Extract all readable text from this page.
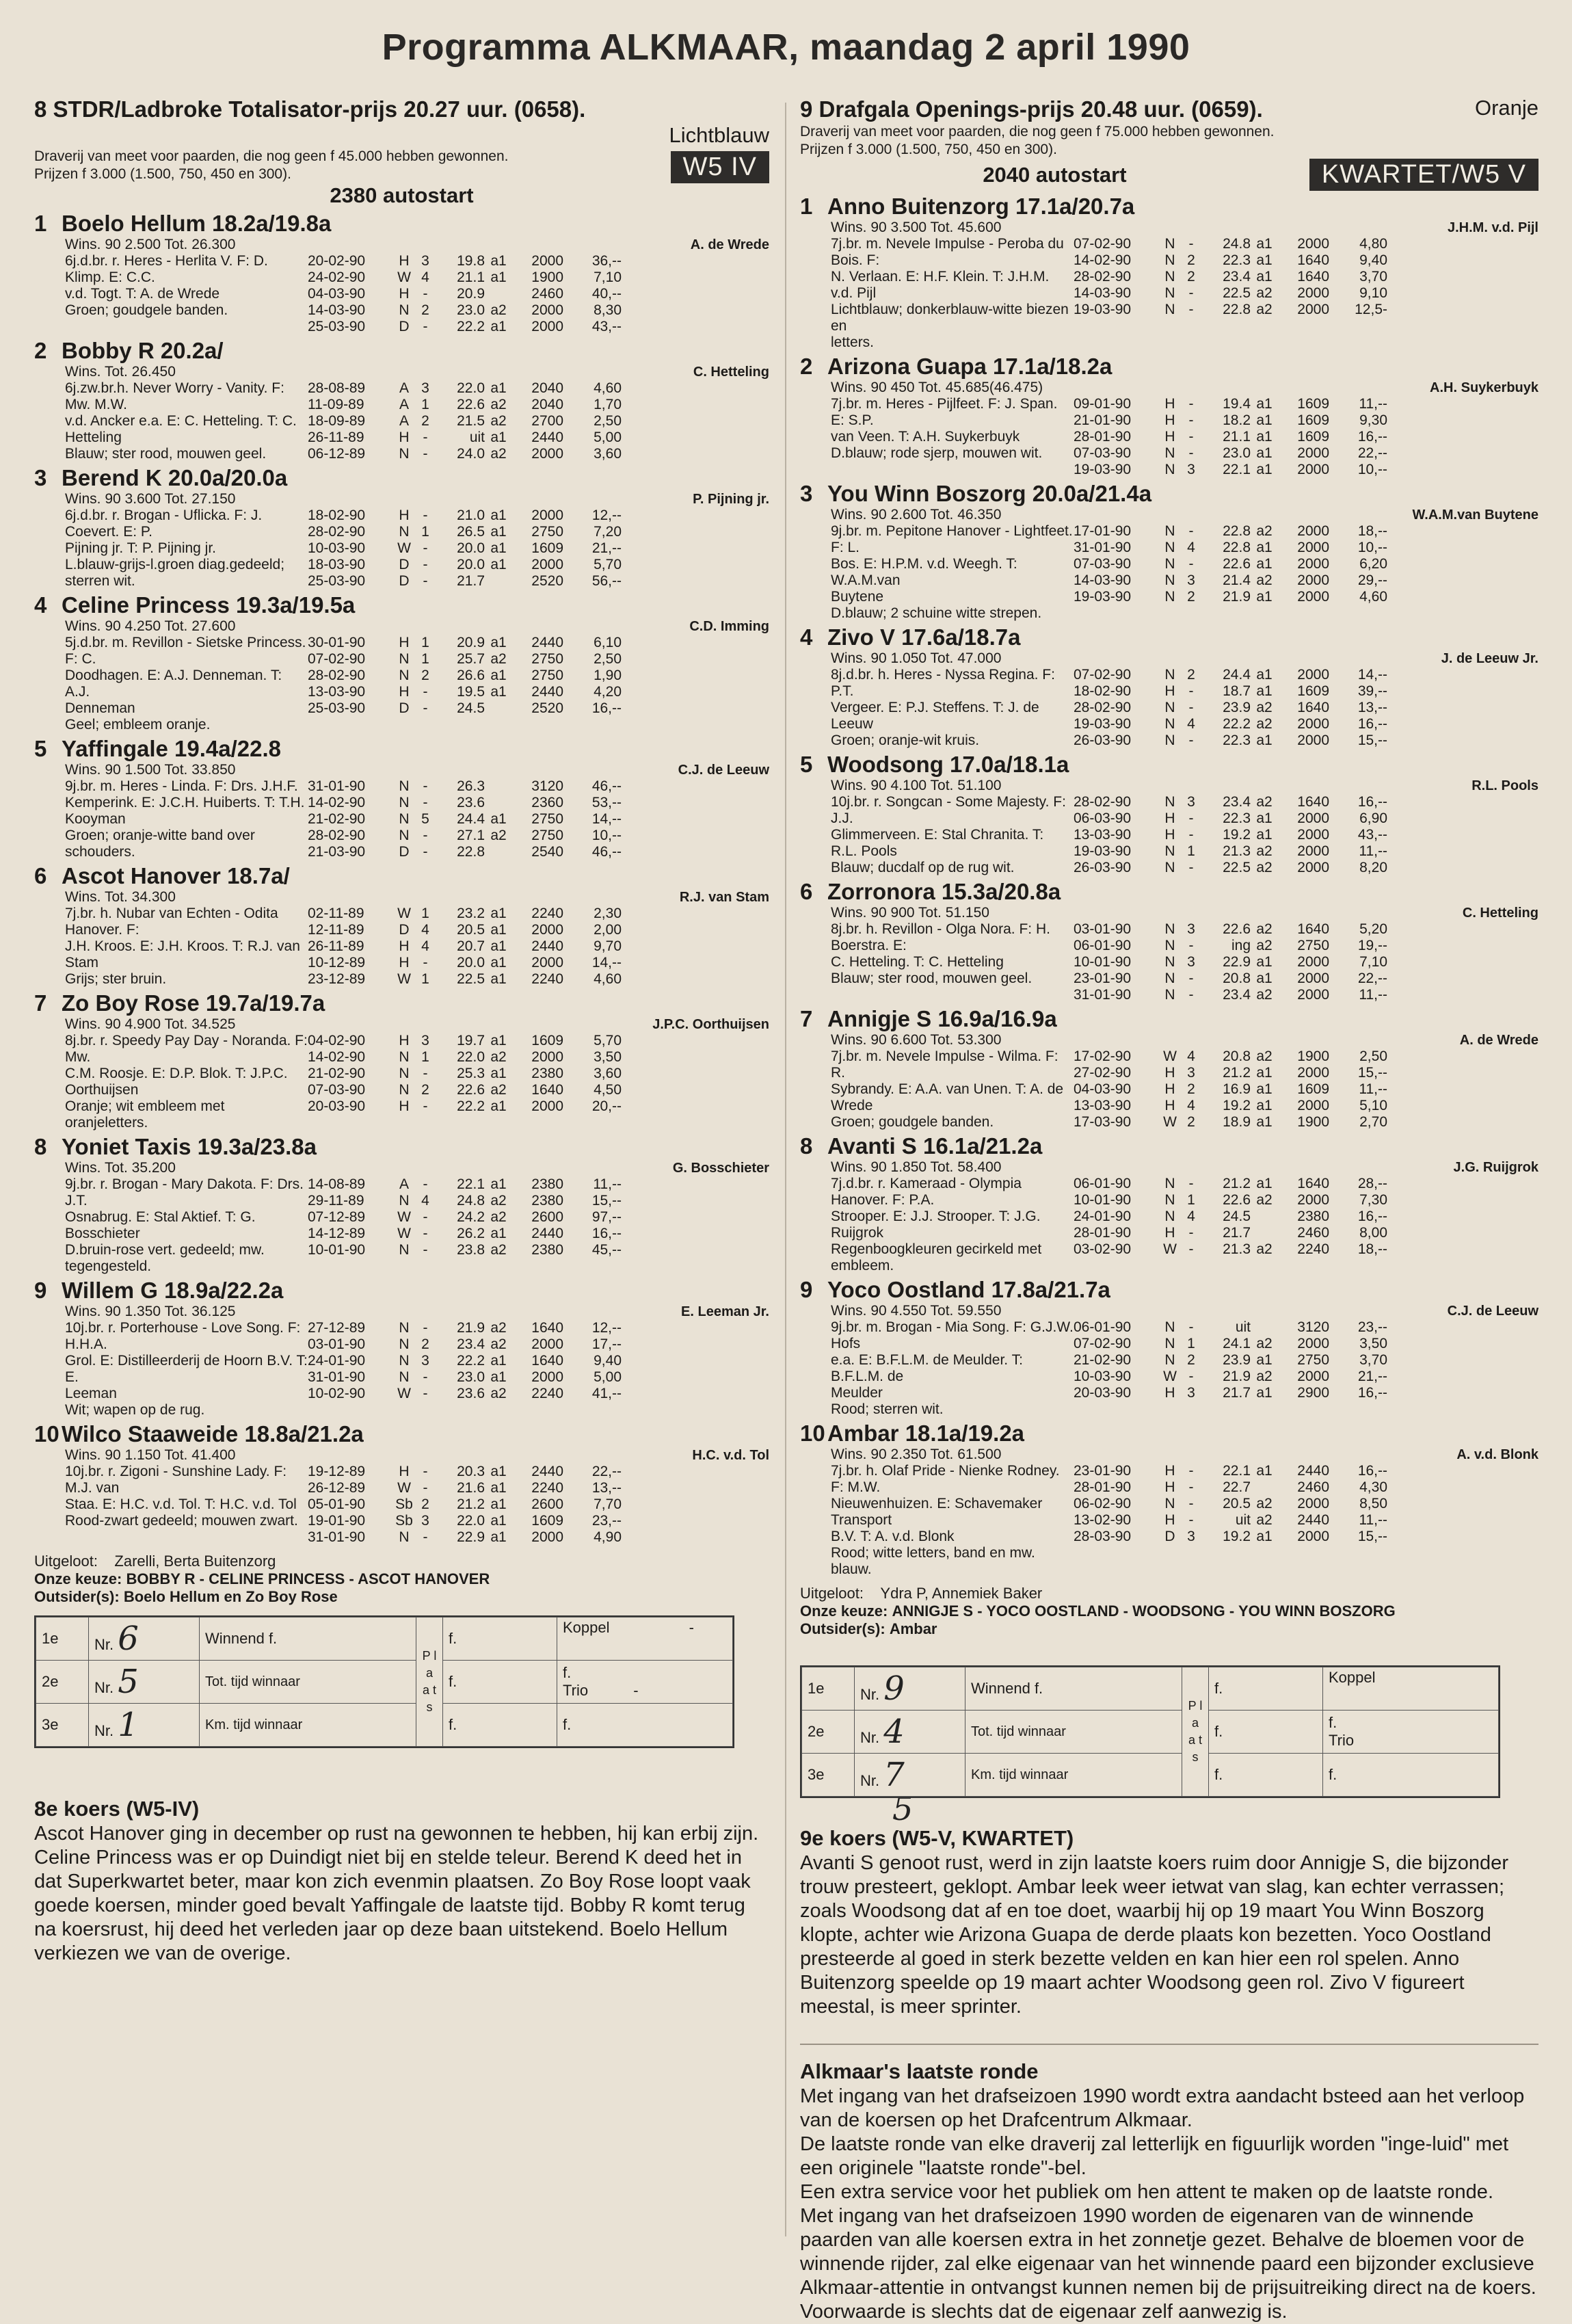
Programma ALKMAAR, maandag 2 april 1990
8 STDR/Ladbroke Totalisator-prijs 20.27 uur. (0658).
Lichtblauw
Draverij van meet voor paarden, die nog geen f 45.000 hebben gewonnen.
Prijzen f 3.000 (1.500, 750, 450 en 300).	W5 IV
2380 autostart
1 Boelo Hellum 18.2a/19.8a
Wins. 90 2.500 Tot. 26.300
6j.d.br. r. Heres - Herlita V. F: D. Klimp. E: C.C.
v.d. Togt. T: A. de Wrede
Groen; goudgele banden.
A. de Wrede
20-02-90	H 3	19.8 a1	2000	36,--
24-02-90	W 4	21.1 a1	1900	7,10
04-03-90	H -	20.9	2460	40,--
14-03-90	N 2	23.0 a2	2000	8,30
25-03-90	D -	22.2 a1	2000	43,--
2 Bobby R 20.2a/
Wins. Tot. 26.450
6j.zw.br.h. Never Worry - Vanity. F: Mw. M.W.
v.d. Ancker e.a. E: C. Hetteling. T: C. Hetteling
Blauw; ster rood, mouwen geel.
C. Hetteling
28-08-89	A 3	22.0 a1	2040	4,60
11-09-89	A 1	22.6 a2	2040	1,70
18-09-89	A 2	21.5 a2	2700	2,50
26-11-89	H -	uit a1	2440	5,00
06-12-89	N -	24.0 a2	2000	3,60
3 Berend K 20.0a/20.0a
Wins. 90 3.600 Tot. 27.150
6j.d.br. r. Brogan - Uflicka. F: J. Coevert. E: P.
Pijning jr. T: P. Pijning jr.
L.blauw-grijs-l.groen diag.gedeeld; sterren wit.
P. Pijning jr.
18-02-90	H -	21.0 a1	2000	12,--
28-02-90	N 1	26.5 a1	2750	7,20
10-03-90	W -	20.0 a1	1609	21,--
18-03-90	D -	20.0 a1	2000	5,70
25-03-90	D -	21.7	2520	56,--
4 Celine Princess 19.3a/19.5a
Wins. 90 4.250 Tot. 27.600
5j.d.br. m. Revillon - Sietske Princess. F: C.
Doodhagen. E: A.J. Denneman. T: A.J.
Denneman
Geel; embleem oranje.
C.D. Imming
30-01-90	H 1	20.9 a1	2440	6,10
07-02-90	N 1	25.7 a2	2750	2,50
28-02-90	N 2	26.6 a1	2750	1,90
13-03-90	H -	19.5 a1	2440	4,20
25-03-90	D -	24.5	2520	16,--
5 Yaffingale 19.4a/22.8
Wins. 90 1.500 Tot. 33.850
9j.br. m. Heres - Linda. F: Drs. J.H.F.
Kemperink. E: J.C.H. Huiberts. T: T.H.
Kooyman
Groen; oranje-witte band over schouders.
C.J. de Leeuw
31-01-90	N -	26.3	3120	46,--
14-02-90	N -	23.6	2360	53,--
21-02-90	N 5	24.4 a1	2750	14,--
28-02-90	N -	27.1 a2	2750	10,--
21-03-90	D -	22.8	2540	46,--
6 Ascot Hanover 18.7a/
Wins. Tot. 34.300
7j.br. h. Nubar van Echten - Odita Hanover. F:
J.H. Kroos. E: J.H. Kroos. T: R.J. van Stam
Grijs; ster bruin.
R.J. van Stam
02-11-89	W 1	23.2 a1	2240	2,30
12-11-89	D 4	20.5 a1	2000	2,00
26-11-89	H 4	20.7 a1	2440	9,70
10-12-89	H -	20.0 a1	2000	14,--
23-12-89	W 1	22.5 a1	2240	4,60
7 Zo Boy Rose 19.7a/19.7a
Wins. 90 4.900 Tot. 34.525
8j.br. r. Speedy Pay Day - Noranda. F: Mw.
C.M. Roosje. E: D.P. Blok. T: J.P.C. Oorthuijsen
Oranje; wit embleem met oranjeletters.
J.P.C. Oorthuijsen
04-02-90	H 3	19.7 a1	1609	5,70
14-02-90	N 1	22.0 a2	2000	3,50
21-02-90	N -	25.3 a1	2380	3,60
07-03-90	N 2	22.6 a2	1640	4,50
20-03-90	H -	22.2 a1	2000	20,--
8 Yoniet Taxis 19.3a/23.8a
Wins. Tot. 35.200
9j.br. r. Brogan - Mary Dakota. F: Drs. J.T.
Osnabrug. E: Stal Aktief. T: G. Bosschieter
D.bruin-rose vert. gedeeld; mw. tegengesteld.
G. Bosschieter
14-08-89	A -	22.1 a1	2380	11,--
29-11-89	N 4	24.8 a2	2380	15,--
07-12-89	W -	24.2 a2	2600	97,--
14-12-89	W -	26.2 a1	2440	16,--
10-01-90	N -	23.8 a2	2380	45,--
9 Willem G 18.9a/22.2a
Wins. 90 1.350 Tot. 36.125
10j.br. r. Porterhouse - Love Song. F: H.H.A.
Grol. E: Distilleerderij de Hoorn B.V. T: E.
Leeman
Wit; wapen op de rug.
E. Leeman Jr.
27-12-89	N -	21.9 a2	1640	12,--
03-01-90	N 2	23.4 a2	2000	17,--
24-01-90	N 3	22.2 a1	1640	9,40
31-01-90	N -	23.0 a1	2000	5,00
10-02-90	W -	23.6 a2	2240	41,--
10Wilco Staaweide 18.8a/21.2a
Wins. 90 1.150 Tot. 41.400
10j.br. r. Zigoni - Sunshine Lady. F: M.J. van
Staa. E: H.C. v.d. Tol. T: H.C. v.d. Tol
Rood-zwart gedeeld; mouwen zwart.
H.C. v.d. Tol
19-12-89	H -	20.3 a1	2440	22,--
26-12-89	W -	21.6 a1	2240	13,--
05-01-90	Sb 2	21.2 a1	2600	7,70
19-01-90	Sb 3	22.0 a1	1609	23,--
31-01-90	N -	22.9 a1	2000	4,90
Uitgeloot: Zarelli, Berta Buitenzorg
Onze keuze: BOBBY R - CELINE PRINCESS - ASCOT HANOVER
Outsider(s): Boelo Hellum en Zo Boy Rose
1e	Nr. 6	Winnend f.	P l a a t s	f.	Koppel -
2e	Nr. 5	Tot. tijd winnaar		f.	f.
Trio -
3e	Nr. 1	Km. tijd winnaar		f.	f.
8e koers (W5-IV)

Ascot Hanover ging in december op rust na gewonnen te hebben, hij kan erbij zijn. Celine Princess was er op Duindigt niet bij en stelde teleur. Berend K deed het in dat Superkwartet beter, maar kon zich evenmin plaatsen. Zo Boy Rose loopt vaak goede koersen, minder goed bevalt Yaffingale de laatste tijd. Bobby R komt terug na koersrust, hij deed het verleden jaar op deze baan uitstekend. Boelo Hellum verkiezen we van de overige.

9 Drafgala Openings-prijs 20.48 uur. (0659).	Oranje
Draverij van meet voor paarden, die nog geen f 75.000 hebben gewonnen.
Prijzen f 3.000 (1.500, 750, 450 en 300).
2040 autostart	KWARTET/W5 V
1 Anno Buitenzorg 17.1a/20.7a
Wins. 90 3.500 Tot. 45.600
7j.br. m. Nevele Impulse - Peroba du Bois. F:
N. Verlaan. E: H.F. Klein. T: J.H.M. v.d. Pijl
Lichtblauw; donkerblauw-witte biezen en
letters.
J.H.M. v.d. Pijl
07-02-90	N -	24.8 a1	2000	4,80
14-02-90	N 2	22.3 a1	1640	9,40
28-02-90	N 2	23.4 a1	1640	3,70
14-03-90	N -	22.5 a2	2000	9,10
19-03-90	N -	22.8 a2	2000	12,5-
2 Arizona Guapa 17.1a/18.2a
Wins. 90 450 Tot. 45.685(46.475)
7j.br. m. Heres - Pijlfeet. F: J. Span. E: S.P.
van Veen. T: A.H. Suykerbuyk
D.blauw; rode sjerp, mouwen wit.
A.H. Suykerbuyk
09-01-90	H -	19.4 a1	1609	11,--
21-01-90	H -	18.2 a1	1609	9,30
28-01-90	H -	21.1 a1	1609	16,--
07-03-90	N -	23.0 a1	2000	22,--
19-03-90	N 3	22.1 a1	2000	10,--
3 You Winn Boszorg 20.0a/21.4a
Wins. 90 2.600 Tot. 46.350
9j.br. m. Pepitone Hanover - Lightfeet. F: L.
Bos. E: H.P.M. v.d. Weegh. T: W.A.M.van
Buytene
D.blauw; 2 schuine witte strepen.
W.A.M.van Buytene
17-01-90	N -	22.8 a2	2000	18,--
31-01-90	N 4	22.8 a1	2000	10,--
07-03-90	N -	22.6 a1	2000	6,20
14-03-90	N 3	21.4 a2	2000	29,--
19-03-90	N 2	21.9 a1	2000	4,60
4 Zivo V 17.6a/18.7a
Wins. 90 1.050 Tot. 47.000
8j.d.br. h. Heres - Nyssa Regina. F: P.T.
Vergeer. E: P.J. Steffens. T: J. de Leeuw
Groen; oranje-wit kruis.
J. de Leeuw Jr.
07-02-90	N 2	24.4 a1	2000	14,--
18-02-90	H -	18.7 a1	1609	39,--
28-02-90	N -	23.9 a2	1640	13,--
19-03-90	N 4	22.2 a2	2000	16,--
26-03-90	N -	22.3 a1	2000	15,--
5 Woodsong 17.0a/18.1a
Wins. 90 4.100 Tot. 51.100
10j.br. r. Songcan - Some Majesty. F: J.J.
Glimmerveen. E: Stal Chranita. T: R.L. Pools
Blauw; ducdalf op de rug wit.
R.L. Pools
28-02-90	N 3	23.4 a2	1640	16,--
06-03-90	H -	22.3 a1	2000	6,90
13-03-90	H -	19.2 a1	2000	43,--
19-03-90	N 1	21.3 a2	2000	11,--
26-03-90	N -	22.5 a2	2000	8,20
6 Zorronora 15.3a/20.8a
Wins. 90 900 Tot. 51.150
8j.br. h. Revillon - Olga Nora. F: H. Boerstra. E:
C. Hetteling. T: C. Hetteling
Blauw; ster rood, mouwen geel.
C. Hetteling
03-01-90	N 3	22.6 a2	1640	5,20
06-01-90	N -	ing a2	2750	19,--
10-01-90	N 3	22.9 a1	2000	7,10
23-01-90	N -	20.8 a1	2000	22,--
31-01-90	N -	23.4 a2	2000	11,--
7 Annigje S 16.9a/16.9a
Wins. 90 6.600 Tot. 53.300
7j.br. m. Nevele Impulse - Wilma. F: R.
Sybrandy. E: A.A. van Unen. T: A. de Wrede
Groen; goudgele banden.
A. de Wrede
17-02-90	W 4	20.8 a2	1900	2,50
27-02-90	H 3	21.2 a1	2000	15,--
04-03-90	H 2	16.9 a1	1609	11,--
13-03-90	H 4	19.2 a1	2000	5,10
17-03-90	W 2	18.9 a1	1900	2,70
8 Avanti S 16.1a/21.2a
Wins. 90 1.850 Tot. 58.400
7j.d.br. r. Kameraad - Olympia Hanover. F: P.A.
Strooper. E: J.J. Strooper. T: J.G. Ruijgrok
Regenboogkleuren gecirkeld met embleem.
J.G. Ruijgrok
06-01-90	N -	21.2 a1	1640	28,--
10-01-90	N 1	22.6 a2	2000	7,30
24-01-90	N 4	24.5	2380	16,--
28-01-90	H -	21.7	2460	8,00
03-02-90	W -	21.3 a2	2240	18,--
9 Yoco Oostland 17.8a/21.7a
Wins. 90 4.550 Tot. 59.550
9j.br. m. Brogan - Mia Song. F: G.J.W. Hofs
e.a. E: B.F.L.M. de Meulder. T: B.F.L.M. de
Meulder
Rood; sterren wit.
C.J. de Leeuw
06-01-90	N -	uit	3120	23,--
07-02-90	N 1	24.1 a2	2000	3,50
21-02-90	N 2	23.9 a1	2750	3,70
10-03-90	W -	21.9 a2	2000	21,--
20-03-90	H 3	21.7 a1	2900	16,--
10Ambar 18.1a/19.2a
Wins. 90 2.350 Tot. 61.500
7j.br. h. Olaf Pride - Nienke Rodney. F: M.W.
Nieuwenhuizen. E: Schavemaker Transport
B.V. T: A. v.d. Blonk
Rood; witte letters, band en mw. blauw.
A. v.d. Blonk
23-01-90	H -	22.1 a1	2440	16,--
28-01-90	H -	22.7	2460	4,30
06-02-90	N -	20.5 a2	2000	8,50
13-02-90	H -	uit a2	2440	11,--
28-03-90	D 3	19.2 a1	2000	15,--
Uitgeloot: Ydra P, Annemiek Baker
Onze keuze: ANNIGJE S - YOCO OOSTLAND - WOODSONG - YOU WINN BOSZORG
Outsider(s): Ambar
1e	Nr. 9	Winnend f.	P l a a t s	f.	Koppel
2e	Nr. 4	Tot. tijd winnaar		f.	f.
Trio
3e	Nr. 7	Km. tijd winnaar		f.	f.
5
9e koers (W5-V, KWARTET)

Avanti S genoot rust, werd in zijn laatste koers ruim door Annigje S, die bijzonder trouw presteert, geklopt. Ambar leek weer ietwat van slag, kan echter verrassen; zoals Woodsong dat af en toe doet, waarbij hij op 19 maart You Winn Boszorg klopte, achter wie Arizona Guapa de derde plaats kon bezetten. Yoco Oostland presteerde al goed in sterk bezette velden en kan hier een rol spelen. Anno Buitenzorg speelde op 19 maart achter Woodsong geen rol. Zivo V figureert meestal, is meer sprinter.

Alkmaar's laatste ronde

Met ingang van het drafseizoen 1990 wordt extra aandacht bsteed aan het verloop van de koersen op het Drafcentrum Alkmaar.

De laatste ronde van elke draverij zal letterlijk en figuurlijk worden "inge-luid" met een originele "laatste ronde"-bel.

Een extra service voor het publiek om hen attent te maken op de laatste ronde.

Met ingang van het drafseizoen 1990 worden de eigenaren van de winnende paarden van alle koersen extra in het zonnetje gezet. Behalve de bloemen voor de winnende rijder, zal elke eigenaar van het winnende paard een bijzonder exclusieve Alkmaar-attentie in ontvangst kunnen nemen bij de prijsuitreiking direct na de koers. Voorwaarde is slechts dat de eigenaar zelf aanwezig is.
